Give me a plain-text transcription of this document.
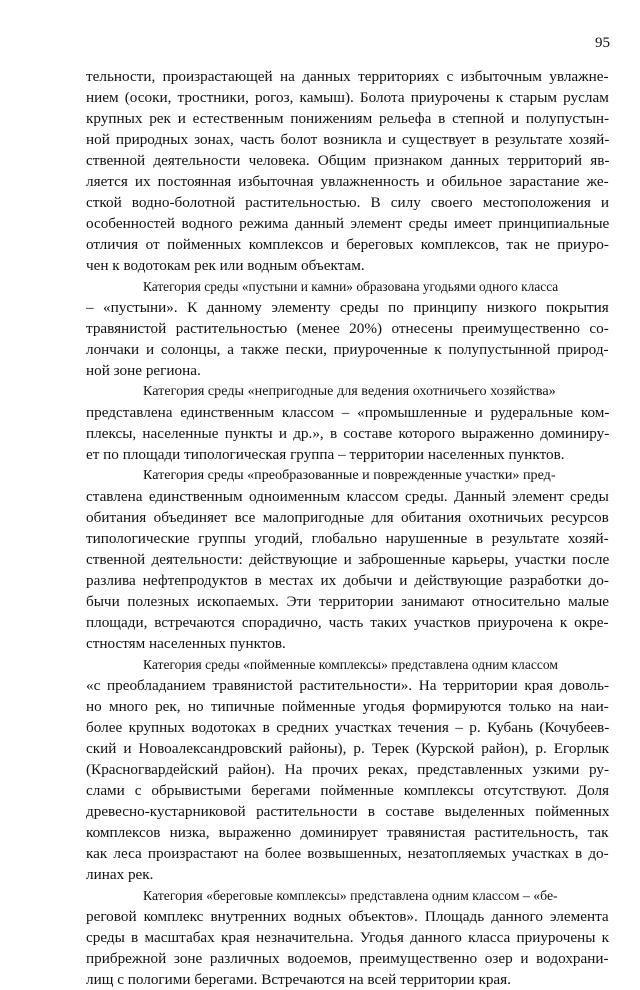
95
тельности, произрастающей на данных территориях с избыточным увлажне-
нием (осоки, тростники, рогоз, камыш). Болота приурочены к старым руслам
крупных рек и естественным понижениям рельефа в степной и полупустын-
ной природных зонах, часть болот возникла и существует в результате хозяй-
ственной деятельности человека. Общим признаком данных территорий яв-
ляется их постоянная избыточная увлажненность и обильное зарастание же-
сткой водно-болотной растительностью. В силу своего местоположения и
особенностей водного режима данный элемент среды имеет принципиальные
отличия от пойменных комплексов и береговых комплексов, так не приуро-
чен к водотокам рек или водным объектам.
Категория среды «пустыни и камни» образована угодьями одного класса
– «пустыни». К данному элементу среды по принципу низкого покрытия
травянистой растительностью (менее 20%) отнесены преимущественно со-
лончаки и солонцы, а также пески, приуроченные к полупустынной природ-
ной зоне региона.
Категория среды «непригодные для ведения охотничьего хозяйства»
представлена единственным классом – «промышленные и рудеральные ком-
плексы, населенные пункты и др.», в составе которого выраженно доминиру-
ет по площади типологическая группа – территории населенных пунктов.
Категория среды «преобразованные и поврежденные участки» пред-
ставлена единственным одноименным классом среды. Данный элемент среды
обитания объединяет все малопригодные для обитания охотничьих ресурсов
типологические группы угодий, глобально нарушенные в результате хозяй-
ственной деятельности: действующие и заброшенные карьеры, участки после
разлива нефтепродуктов в местах их добычи и действующие разработки до-
бычи полезных ископаемых. Эти территории занимают относительно малые
площади, встречаются спорадично, часть таких участков приурочена к окре-
стностям населенных пунктов.
Категория среды «пойменные комплексы» представлена одним классом
«с преобладанием травянистой растительности». На территории края доволь-
но много рек, но типичные пойменные угодья формируются только на наи-
более крупных водотоках в средних участках течения – р. Кубань (Кочубеев-
ский и Новоалександровский районы), р. Терек (Курской район), р. Егорлык
(Красногвардейский район). На прочих реках, представленных узкими ру-
слами с обрывистыми берегами пойменные комплексы отсутствуют. Доля
древесно-кустарниковой растительности в составе выделенных пойменных
комплексов низка, выраженно доминирует травянистая растительность, так
как леса произрастают на более возвышенных, незатопляемых участках в до-
линах рек.
Категория «береговые комплексы» представлена одним классом – «бе-
реговой комплекс внутренних водных объектов». Площадь данного элемента
среды в масштабах края незначительна. Угодья данного класса приурочены к
прибрежной зоне различных водоемов, преимущественно озер и водохрани-
лищ с пологими берегами. Встречаются на всей территории края.
